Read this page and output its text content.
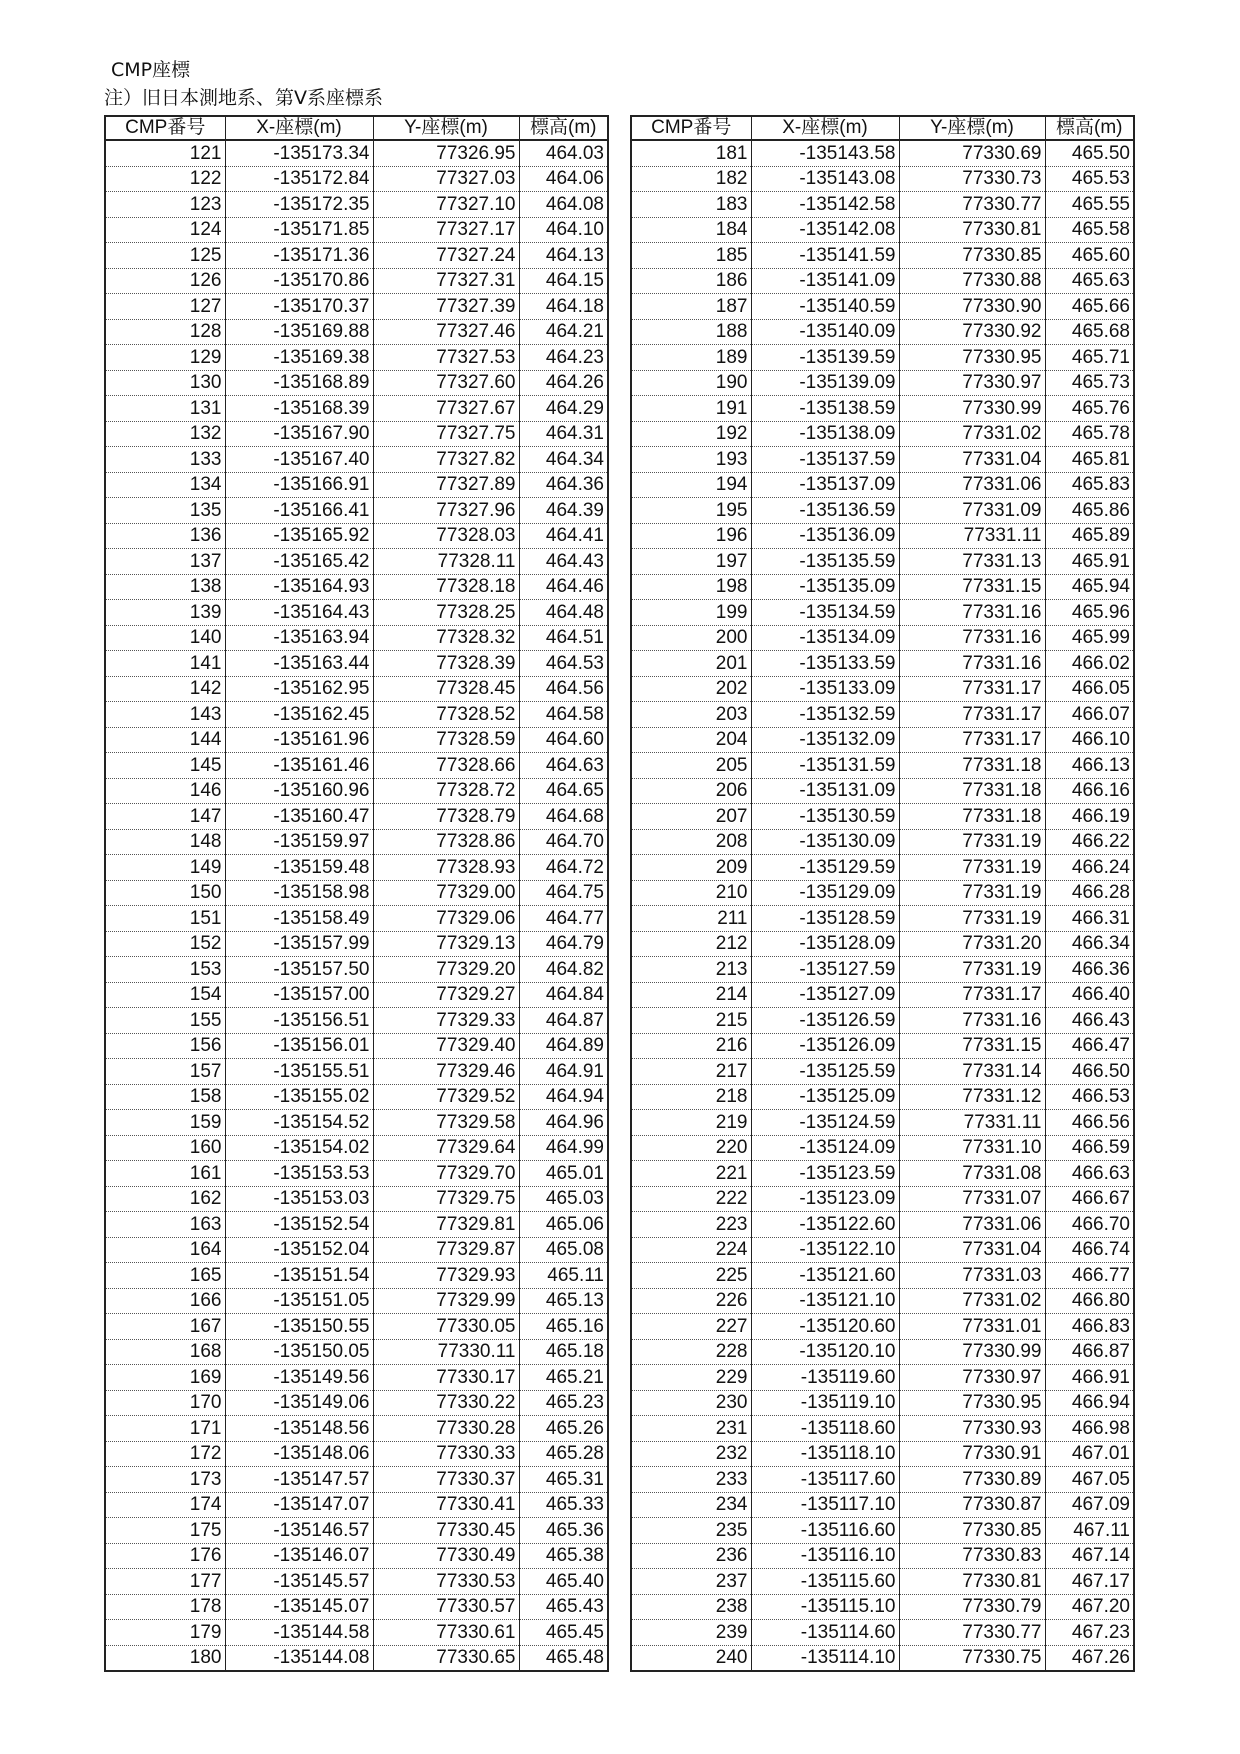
CMP座標
注）旧日本測地系、第Ⅴ系座標系
CMP番号	X-座標(m)	Y-座標(m)	標高(m)
121	-135173.34	77326.95	464.03
122	-135172.84	77327.03	464.06
123	-135172.35	77327.10	464.08
124	-135171.85	77327.17	464.10
125	-135171.36	77327.24	464.13
126	-135170.86	77327.31	464.15
127	-135170.37	77327.39	464.18
128	-135169.88	77327.46	464.21
129	-135169.38	77327.53	464.23
130	-135168.89	77327.60	464.26
131	-135168.39	77327.67	464.29
132	-135167.90	77327.75	464.31
133	-135167.40	77327.82	464.34
134	-135166.91	77327.89	464.36
135	-135166.41	77327.96	464.39
136	-135165.92	77328.03	464.41
137	-135165.42	77328.11	464.43
138	-135164.93	77328.18	464.46
139	-135164.43	77328.25	464.48
140	-135163.94	77328.32	464.51
141	-135163.44	77328.39	464.53
142	-135162.95	77328.45	464.56
143	-135162.45	77328.52	464.58
144	-135161.96	77328.59	464.60
145	-135161.46	77328.66	464.63
146	-135160.96	77328.72	464.65
147	-135160.47	77328.79	464.68
148	-135159.97	77328.86	464.70
149	-135159.48	77328.93	464.72
150	-135158.98	77329.00	464.75
151	-135158.49	77329.06	464.77
152	-135157.99	77329.13	464.79
153	-135157.50	77329.20	464.82
154	-135157.00	77329.27	464.84
155	-135156.51	77329.33	464.87
156	-135156.01	77329.40	464.89
157	-135155.51	77329.46	464.91
158	-135155.02	77329.52	464.94
159	-135154.52	77329.58	464.96
160	-135154.02	77329.64	464.99
161	-135153.53	77329.70	465.01
162	-135153.03	77329.75	465.03
163	-135152.54	77329.81	465.06
164	-135152.04	77329.87	465.08
165	-135151.54	77329.93	465.11
166	-135151.05	77329.99	465.13
167	-135150.55	77330.05	465.16
168	-135150.05	77330.11	465.18
169	-135149.56	77330.17	465.21
170	-135149.06	77330.22	465.23
171	-135148.56	77330.28	465.26
172	-135148.06	77330.33	465.28
173	-135147.57	77330.37	465.31
174	-135147.07	77330.41	465.33
175	-135146.57	77330.45	465.36
176	-135146.07	77330.49	465.38
177	-135145.57	77330.53	465.40
178	-135145.07	77330.57	465.43
179	-135144.58	77330.61	465.45
180	-135144.08	77330.65	465.48
CMP番号	X-座標(m)	Y-座標(m)	標高(m)
181	-135143.58	77330.69	465.50
182	-135143.08	77330.73	465.53
183	-135142.58	77330.77	465.55
184	-135142.08	77330.81	465.58
185	-135141.59	77330.85	465.60
186	-135141.09	77330.88	465.63
187	-135140.59	77330.90	465.66
188	-135140.09	77330.92	465.68
189	-135139.59	77330.95	465.71
190	-135139.09	77330.97	465.73
191	-135138.59	77330.99	465.76
192	-135138.09	77331.02	465.78
193	-135137.59	77331.04	465.81
194	-135137.09	77331.06	465.83
195	-135136.59	77331.09	465.86
196	-135136.09	77331.11	465.89
197	-135135.59	77331.13	465.91
198	-135135.09	77331.15	465.94
199	-135134.59	77331.16	465.96
200	-135134.09	77331.16	465.99
201	-135133.59	77331.16	466.02
202	-135133.09	77331.17	466.05
203	-135132.59	77331.17	466.07
204	-135132.09	77331.17	466.10
205	-135131.59	77331.18	466.13
206	-135131.09	77331.18	466.16
207	-135130.59	77331.18	466.19
208	-135130.09	77331.19	466.22
209	-135129.59	77331.19	466.24
210	-135129.09	77331.19	466.28
211	-135128.59	77331.19	466.31
212	-135128.09	77331.20	466.34
213	-135127.59	77331.19	466.36
214	-135127.09	77331.17	466.40
215	-135126.59	77331.16	466.43
216	-135126.09	77331.15	466.47
217	-135125.59	77331.14	466.50
218	-135125.09	77331.12	466.53
219	-135124.59	77331.11	466.56
220	-135124.09	77331.10	466.59
221	-135123.59	77331.08	466.63
222	-135123.09	77331.07	466.67
223	-135122.60	77331.06	466.70
224	-135122.10	77331.04	466.74
225	-135121.60	77331.03	466.77
226	-135121.10	77331.02	466.80
227	-135120.60	77331.01	466.83
228	-135120.10	77330.99	466.87
229	-135119.60	77330.97	466.91
230	-135119.10	77330.95	466.94
231	-135118.60	77330.93	466.98
232	-135118.10	77330.91	467.01
233	-135117.60	77330.89	467.05
234	-135117.10	77330.87	467.09
235	-135116.60	77330.85	467.11
236	-135116.10	77330.83	467.14
237	-135115.60	77330.81	467.17
238	-135115.10	77330.79	467.20
239	-135114.60	77330.77	467.23
240	-135114.10	77330.75	467.26
